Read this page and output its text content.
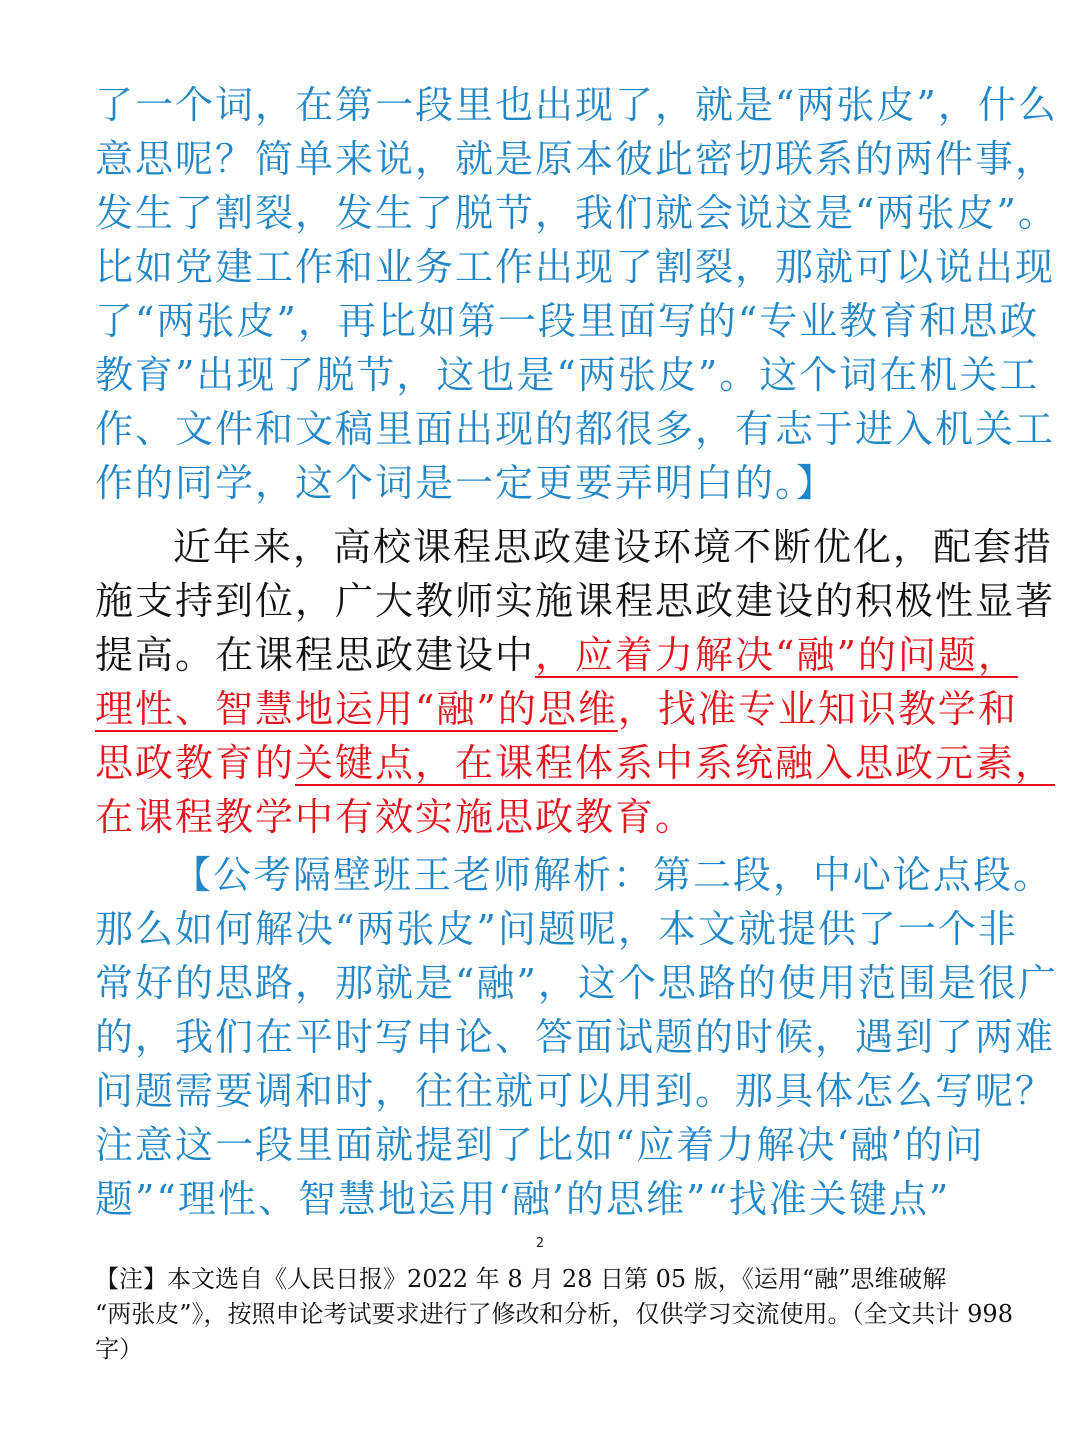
了一个词，在第一段里也出现了，就是“两张皮”，什么
意思呢？简单来说，就是原本彼此密切联系的两件事，
发生了割裂，发生了脱节，我们就会说这是“两张皮”。
比如党建工作和业务工作出现了割裂，那就可以说出现
了“两张皮”，再比如第一段里面写的“专业教育和思政
教育”出现了脱节，这也是“两张皮”。这个词在机关工
作、文件和文稿里面出现的都很多，有志于进入机关工
作的同学，这个词是一定更要弄明白的。】
近年来，高校课程思政建设环境不断优化，配套措
施支持到位，广大教师实施课程思政建设的积极性显著
提高。在课程思政建设中，应着力解决“融”的问题，
理性、智慧地运用“融”的思维，找准专业知识教学和
思政教育的关键点，在课程体系中系统融入思政元素，
在课程教学中有效实施思政教育。
【公考隔壁班王老师解析：第二段，中心论点段。
那么如何解决“两张皮”问题呢，本文就提供了一个非
常好的思路，那就是“融”，这个思路的使用范围是很广
的，我们在平时写申论、答面试题的时候，遇到了两难
问题需要调和时，往往就可以用到。那具体怎么写呢？
注意这一段里面就提到了比如“应着力解决‘融’的问
题”“理性、智慧地运用‘融’的思维”“找准关键点”
2
【注】本文选自《人民日报》2022 年 8 月 28 日第 05 版，《运用“融”思维破解
“两张皮”》，按照申论考试要求进行了修改和分析，仅供学习交流使用。（全文共计 998
字）
